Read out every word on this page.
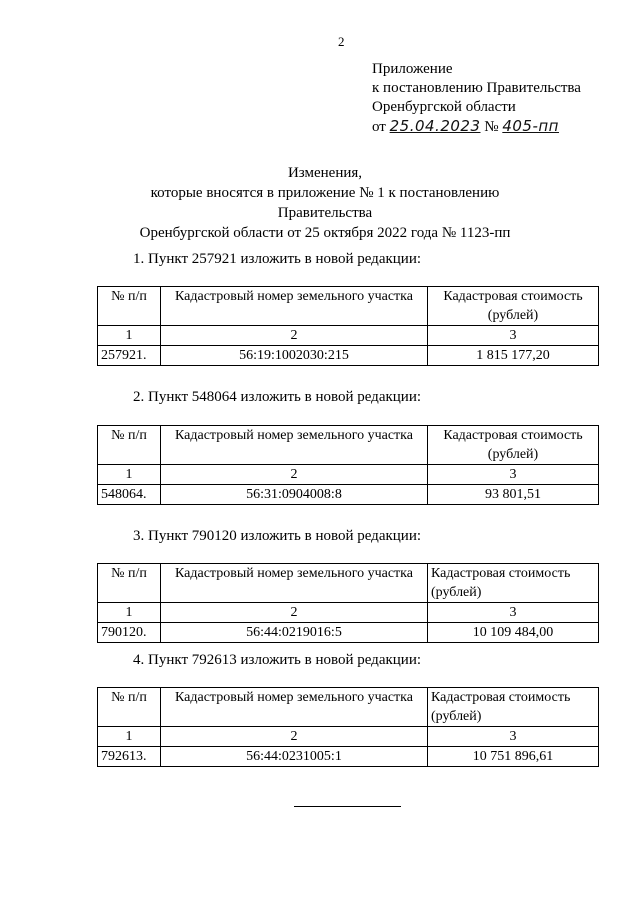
2
Приложение
к постановлению Правительства
Оренбургской области
от 25.04.2023 № 405-пп
Изменения,
которые вносятся в приложение № 1 к постановлению Правительства
Оренбургской области от 25 октября 2022 года № 1123-пп
1. Пункт 257921 изложить в новой редакции:
№ п/п	Кадастровый номер земельного участка	Кадастровая стоимость (рублей)
1	2	3
257921.	56:19:1002030:215	1 815 177,20
2. Пункт 548064 изложить в новой редакции:
№ п/п	Кадастровый номер земельного участка	Кадастровая стоимость (рублей)
1	2	3
548064.	56:31:0904008:8	93 801,51
3. Пункт 790120 изложить в новой редакции:
№ п/п	Кадастровый номер земельного участка	Кадастровая стоимость (рублей)
1	2	3
790120.	56:44:0219016:5	10 109 484,00
4. Пункт 792613 изложить в новой редакции:
№ п/п	Кадастровый номер земельного участка	Кадастровая стоимость (рублей)
1	2	3
792613.	56:44:0231005:1	10 751 896,61
